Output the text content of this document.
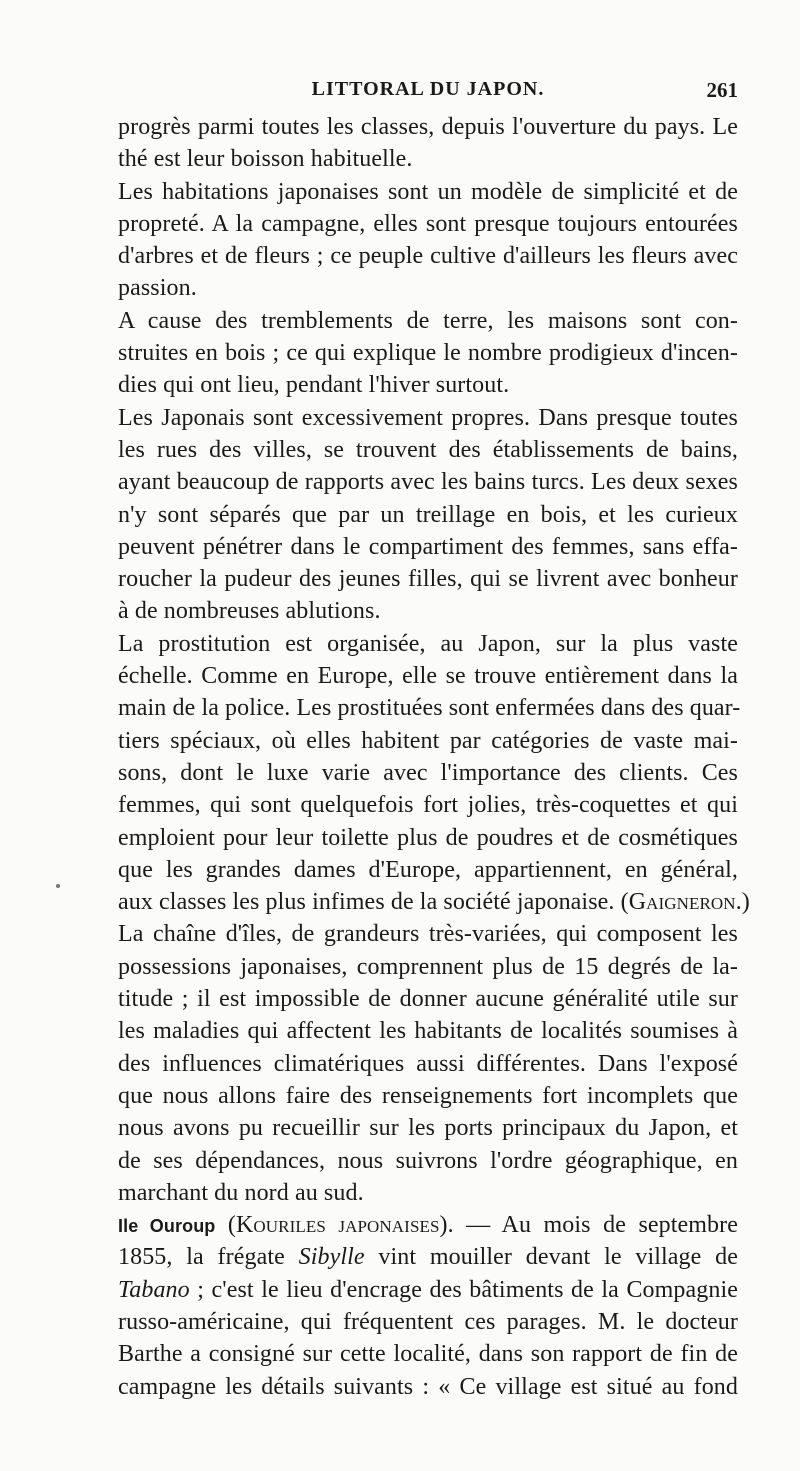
LITTORAL DU JAPON.	261
progrès parmi toutes les classes, depuis l'ouverture du pays. Le
thé est leur boisson habituelle.
Les habitations japonaises sont un modèle de simplicité et de
propreté. A la campagne, elles sont presque toujours entourées
d'arbres et de fleurs ; ce peuple cultive d'ailleurs les fleurs avec
passion.
A cause des tremblements de terre, les maisons sont con-
struites en bois ; ce qui explique le nombre prodigieux d'incen-
dies qui ont lieu, pendant l'hiver surtout.
Les Japonais sont excessivement propres. Dans presque toutes
les rues des villes, se trouvent des établissements de bains,
ayant beaucoup de rapports avec les bains turcs. Les deux sexes
n'y sont séparés que par un treillage en bois, et les curieux
peuvent pénétrer dans le compartiment des femmes, sans effa-
roucher la pudeur des jeunes filles, qui se livrent avec bonheur
à de nombreuses ablutions.
La prostitution est organisée, au Japon, sur la plus vaste
échelle. Comme en Europe, elle se trouve entièrement dans la
main de la police. Les prostituées sont enfermées dans des quar-
tiers spéciaux, où elles habitent par catégories de vaste mai-
sons, dont le luxe varie avec l'importance des clients. Ces
femmes, qui sont quelquefois fort jolies, très-coquettes et qui
emploient pour leur toilette plus de poudres et de cosmétiques
que les grandes dames d'Europe, appartiennent, en général,
aux classes les plus infimes de la société japonaise. (Gaigneron.)
La chaîne d'îles, de grandeurs très-variées, qui composent les
possessions japonaises, comprennent plus de 15 degrés de la-
titude ; il est impossible de donner aucune généralité utile sur
les maladies qui affectent les habitants de localités soumises à
des influences climatériques aussi différentes. Dans l'exposé
que nous allons faire des renseignements fort incomplets que
nous avons pu recueillir sur les ports principaux du Japon, et
de ses dépendances, nous suivrons l'ordre géographique, en
marchant du nord au sud.
Ile Ouroup (Kouriles japonaises). — Au mois de septembre
1855, la frégate Sibylle vint mouiller devant le village de
Tabano ; c'est le lieu d'encrage des bâtiments de la Compagnie
russo-américaine, qui fréquentent ces parages. M. le docteur
Barthe a consigné sur cette localité, dans son rapport de fin de
campagne les détails suivants : « Ce village est situé au fond
